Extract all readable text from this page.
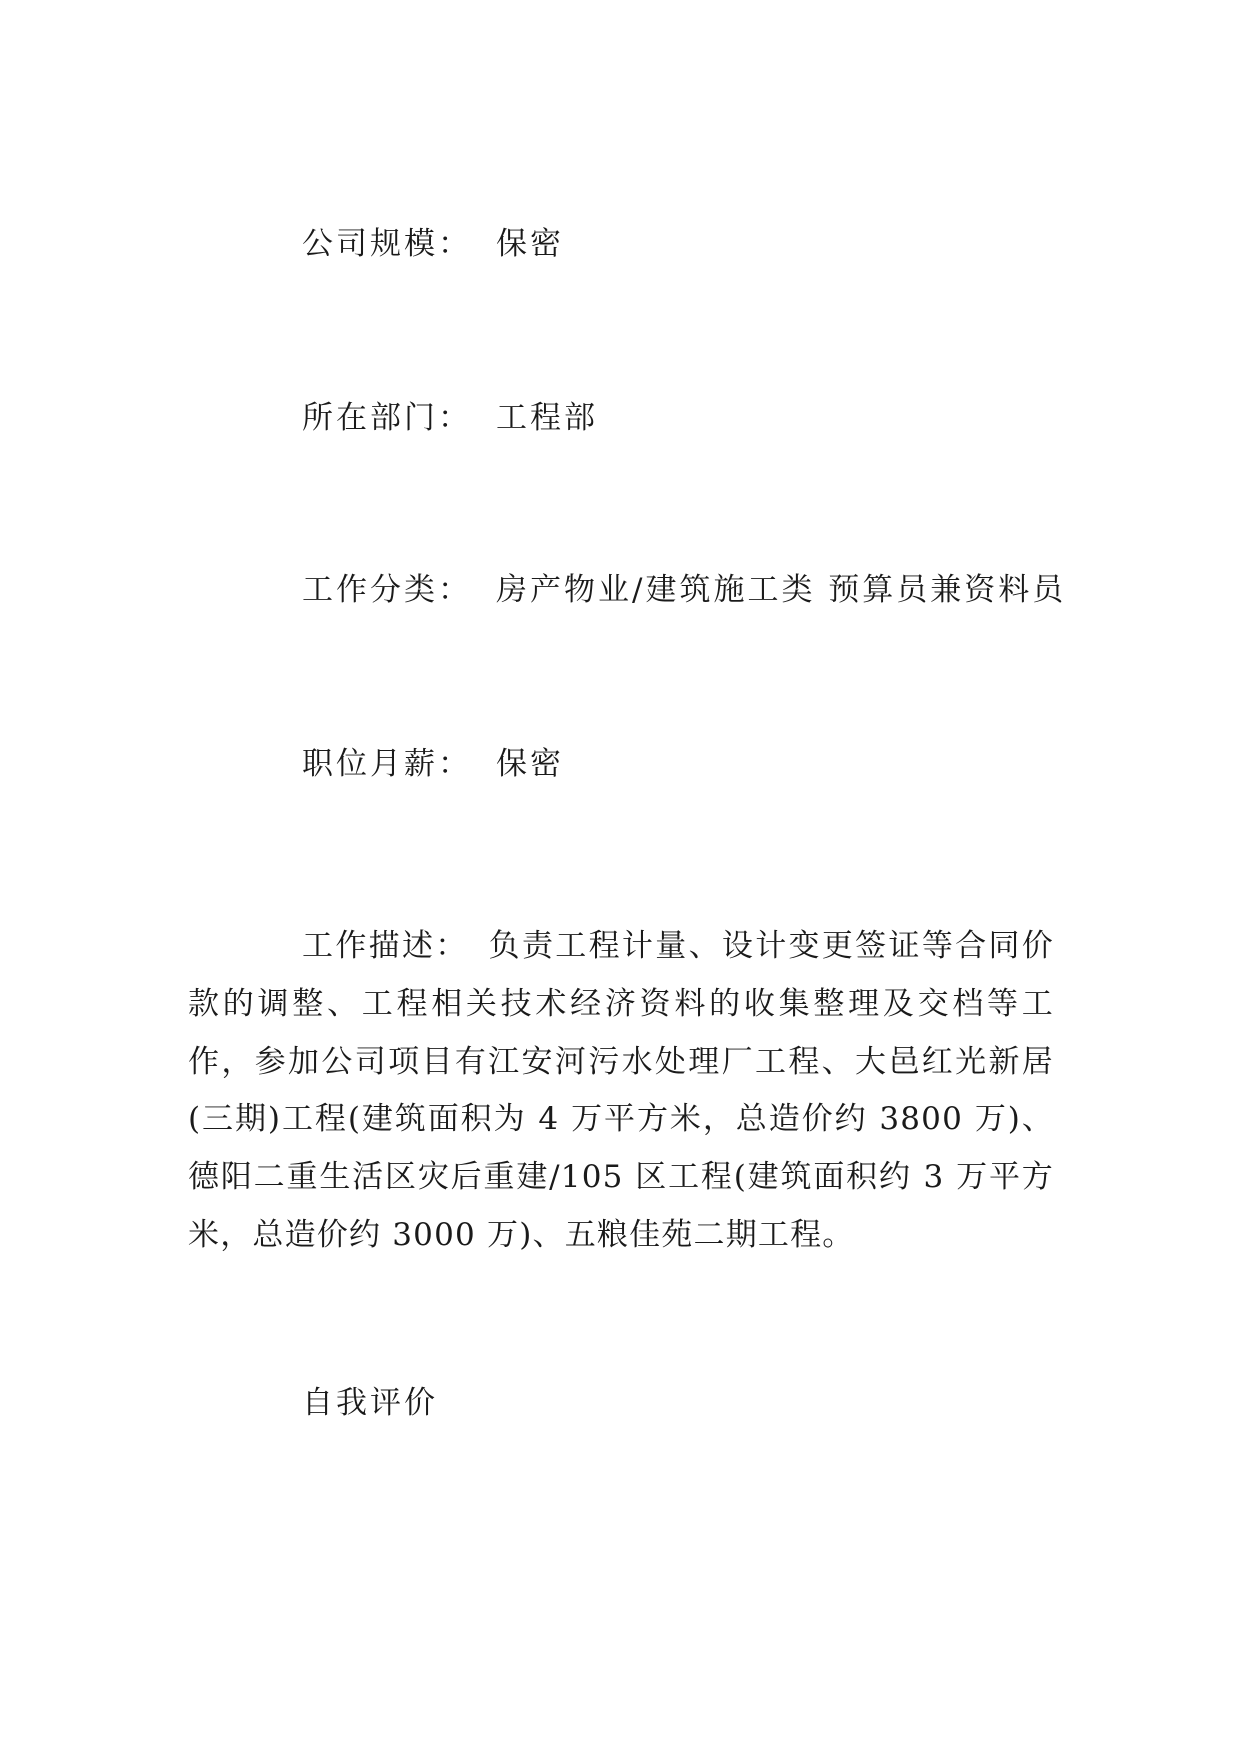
公司规模： 保密
所在部门： 工程部
工作分类： 房产物业/建筑施工类 预算员兼资料员
职位月薪： 保密
工作描述： 负责工程计量、设计变更签证等合同价款的调整、工程相关技术经济资料的收集整理及交档等工作，参加公司项目有江安河污水处理厂工程、大邑红光新居(三期)工程(建筑面积为 4 万平方米，总造价约 3800 万)、德阳二重生活区灾后重建/105 区工程(建筑面积约 3 万平方米，总造价约 3000 万)、五粮佳苑二期工程。
自我评价
